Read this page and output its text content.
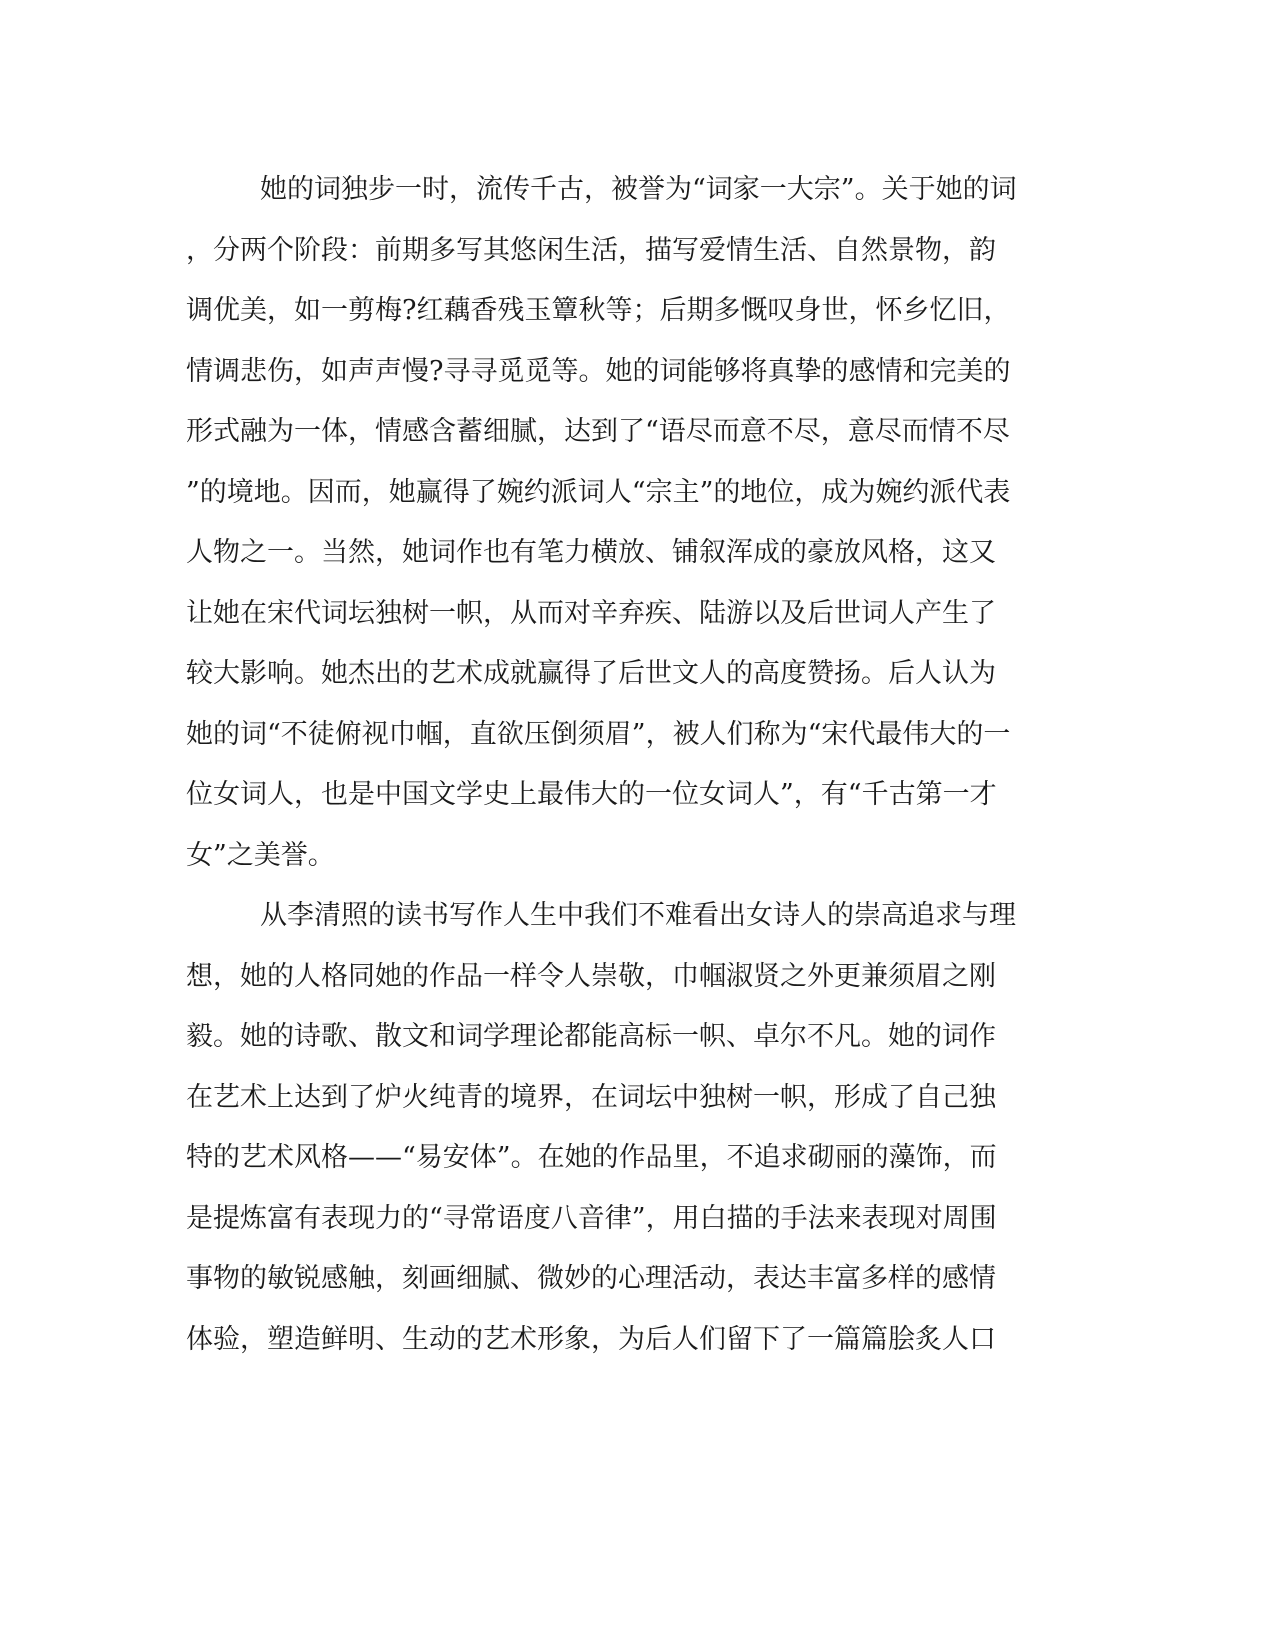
她的词独步一时，流传千古，被誉为“词家一大宗”。关于她的词
，分两个阶段：前期多写其悠闲生活，描写爱情生活、自然景物，韵
调优美，如一剪梅?红藕香残玉簟秋等；后期多慨叹身世，怀乡忆旧，
情调悲伤，如声声慢?寻寻觅觅等。她的词能够将真挚的感情和完美的
形式融为一体，情感含蓄细腻，达到了“语尽而意不尽，意尽而情不尽
”的境地。因而，她赢得了婉约派词人“宗主”的地位，成为婉约派代表
人物之一。当然，她词作也有笔力横放、铺叙浑成的豪放风格，这又
让她在宋代词坛独树一帜，从而对辛弃疾、陆游以及后世词人产生了
较大影响。她杰出的艺术成就赢得了后世文人的高度赞扬。后人认为
她的词“不徒俯视巾帼，直欲压倒须眉”，被人们称为“宋代最伟大的一
位女词人，也是中国文学史上最伟大的一位女词人”，有“千古第一才
女”之美誉。
从李清照的读书写作人生中我们不难看出女诗人的崇高追求与理
想，她的人格同她的作品一样令人崇敬，巾帼淑贤之外更兼须眉之刚
毅。她的诗歌、散文和词学理论都能高标一帜、卓尔不凡。她的词作
在艺术上达到了炉火纯青的境界，在词坛中独树一帜，形成了自己独
特的艺术风格——“易安体”。在她的作品里，不追求砌丽的藻饰，而
是提炼富有表现力的“寻常语度八音律”，用白描的手法来表现对周围
事物的敏锐感触，刻画细腻、微妙的心理活动，表达丰富多样的感情
体验，塑造鲜明、生动的艺术形象，为后人们留下了一篇篇脍炙人口
